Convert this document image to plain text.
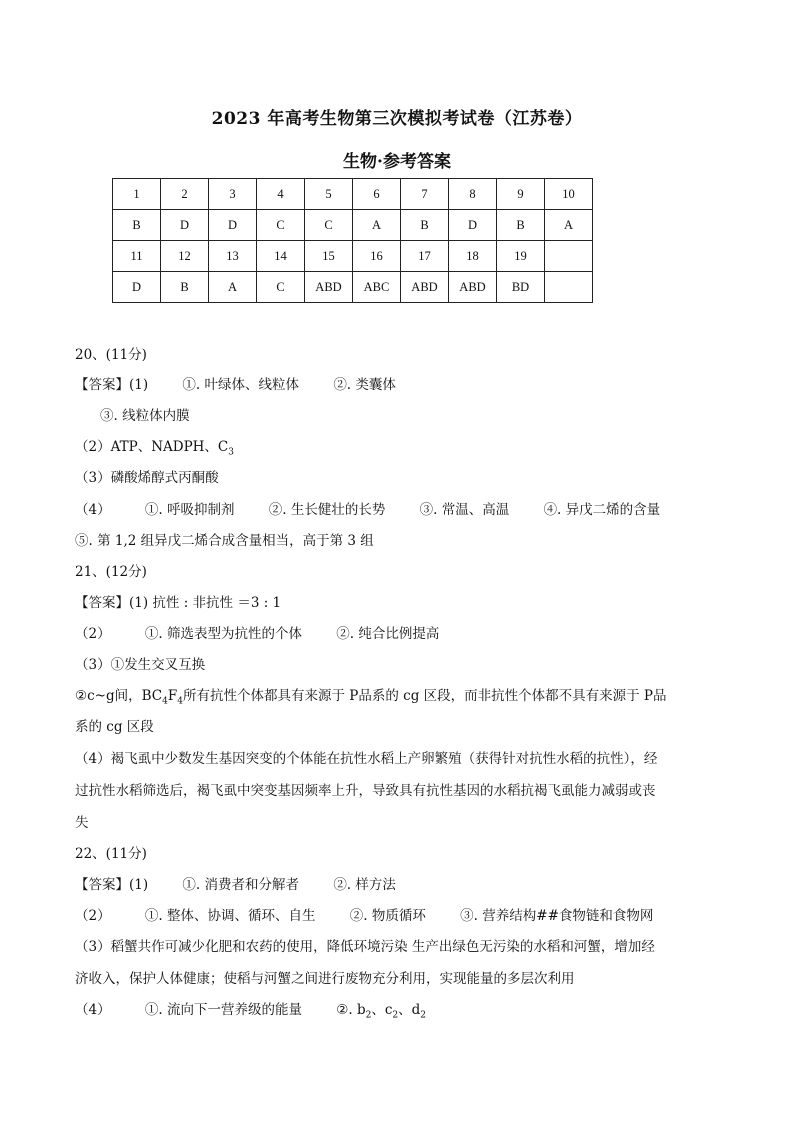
2023 年高考生物第三次模拟考试卷（江苏卷）
生物·参考答案
1	2	3	4	5	6	7	8	9	10
B	D	D	C	C	A	B	D	B	A
11	12	13	14	15	16	17	18	19	
D	B	A	C	ABD	ABC	ABD	ABD	BD	
20、(11分)
【答案】(1)	①. 叶绿体、线粒体	②. 类囊体
③. 线粒体内膜
（2）ATP、NADPH、$C_3$
（3）磷酸烯醇式丙酮酸
（4）	①. 呼吸抑制剂	②. 生长健壮的长势	③. 常温、高温	④. 异戊二烯的含量
⑤. 第 1,2 组异戊二烯合成含量相当，高于第 3 组
21、(12分)
【答案】(1) 抗性 : 非抗性 ＝3 : 1
（2）	①. 筛选表型为抗性的个体	②. 纯合比例提高
（3）①发生交叉互换
②c~g间，$BC_4F_4$所有抗性个体都具有来源于 P品系的 cg 区段，而非抗性个体都不具有来源于 P品
系的 cg 区段
（4）褐飞虱中少数发生基因突变的个体能在抗性水稻上产卵繁殖（获得针对抗性水稻的抗性），经
过抗性水稻筛选后，褐飞虱中突变基因频率上升，导致具有抗性基因的水稻抗褐飞虱能力减弱或丧
失
22、(11分)
【答案】(1)	①. 消费者和分解者	②. 样方法
（2）	①. 整体、协调、循环、自生	②. 物质循环	③. 营养结构##食物链和食物网
（3）稻蟹共作可减少化肥和农药的使用，降低环境污染 生产出绿色无污染的水稻和河蟹，增加经
济收入，保护人体健康；使稻与河蟹之间进行废物充分利用，实现能量的多层次利用
（4）	①. 流向下一营养级的能量	②. $b_2$、$c_2$、$d_2$
